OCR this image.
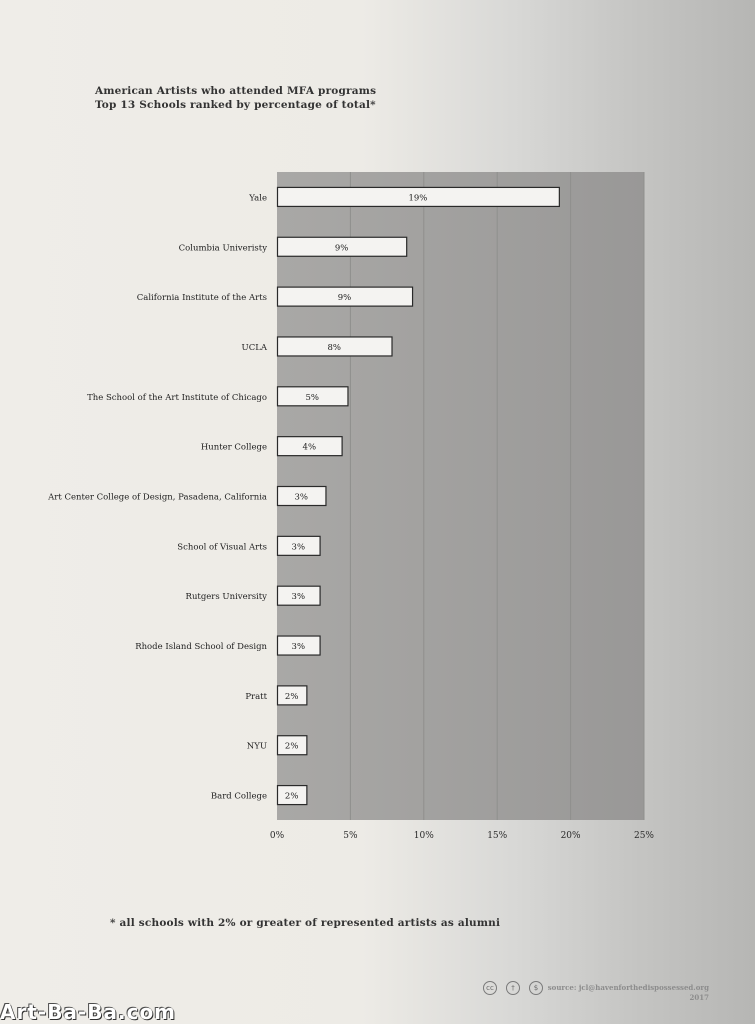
American Artists who attended MFA programs
Top 13 Schools ranked by percentage of total*
19%
9%
9%
8%
5%
4%
3%
3%
3%
3%
2%
2%
2%
Yale
Columbia Univeristy
California Institute of the Arts
UCLA
The School of the Art Institute of Chicago
Hunter College
Art Center College of Design, Pasadena, California
School of Visual Arts
Rutgers University
Rhode Island School of Design
Pratt
NYU
Bard College
0%	5%	10%	15%	20%	25%
* all schools with 2% or greater of represented artists as alumni
cc	†	$	source: jcl@havenforthedispossessed.org
2017
Art-Ba-Ba.com
